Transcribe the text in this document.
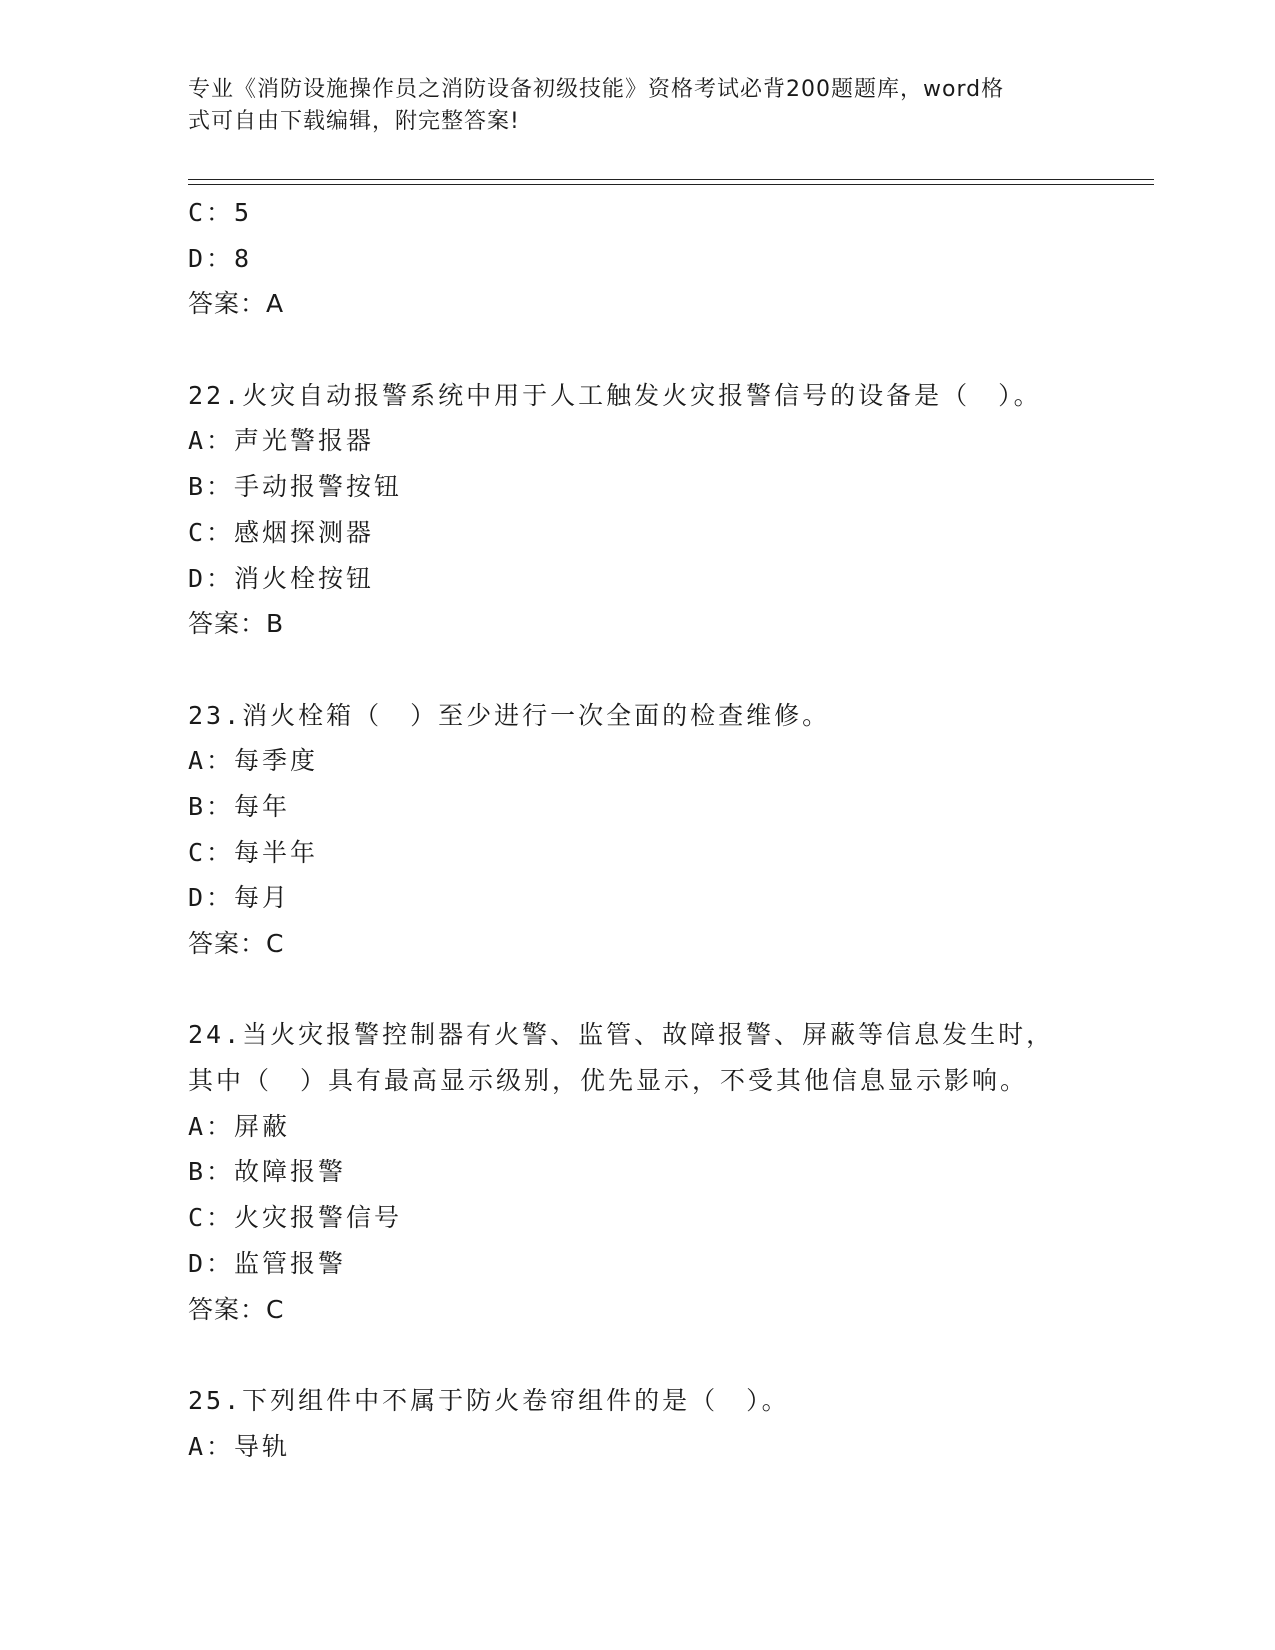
专业《消防设施操作员之消防设备初级技能》资格考试必背200题题库，word格
式可自由下载编辑，附完整答案!
C：5
D：8
答案：A
22.火灾自动报警系统中用于人工触发火灾报警信号的设备是（　）。
A：声光警报器
B：手动报警按钮
C：感烟探测器
D：消火栓按钮
答案：B
23.消火栓箱（　）至少进行一次全面的检查维修。
A：每季度
B：每年
C：每半年
D：每月
答案：C
24.当火灾报警控制器有火警、监管、故障报警、屏蔽等信息发生时，
其中（　）具有最高显示级别，优先显示，不受其他信息显示影响。
A：屏蔽
B：故障报警
C：火灾报警信号
D：监管报警
答案：C
25.下列组件中不属于防火卷帘组件的是（　）。
A：导轨
